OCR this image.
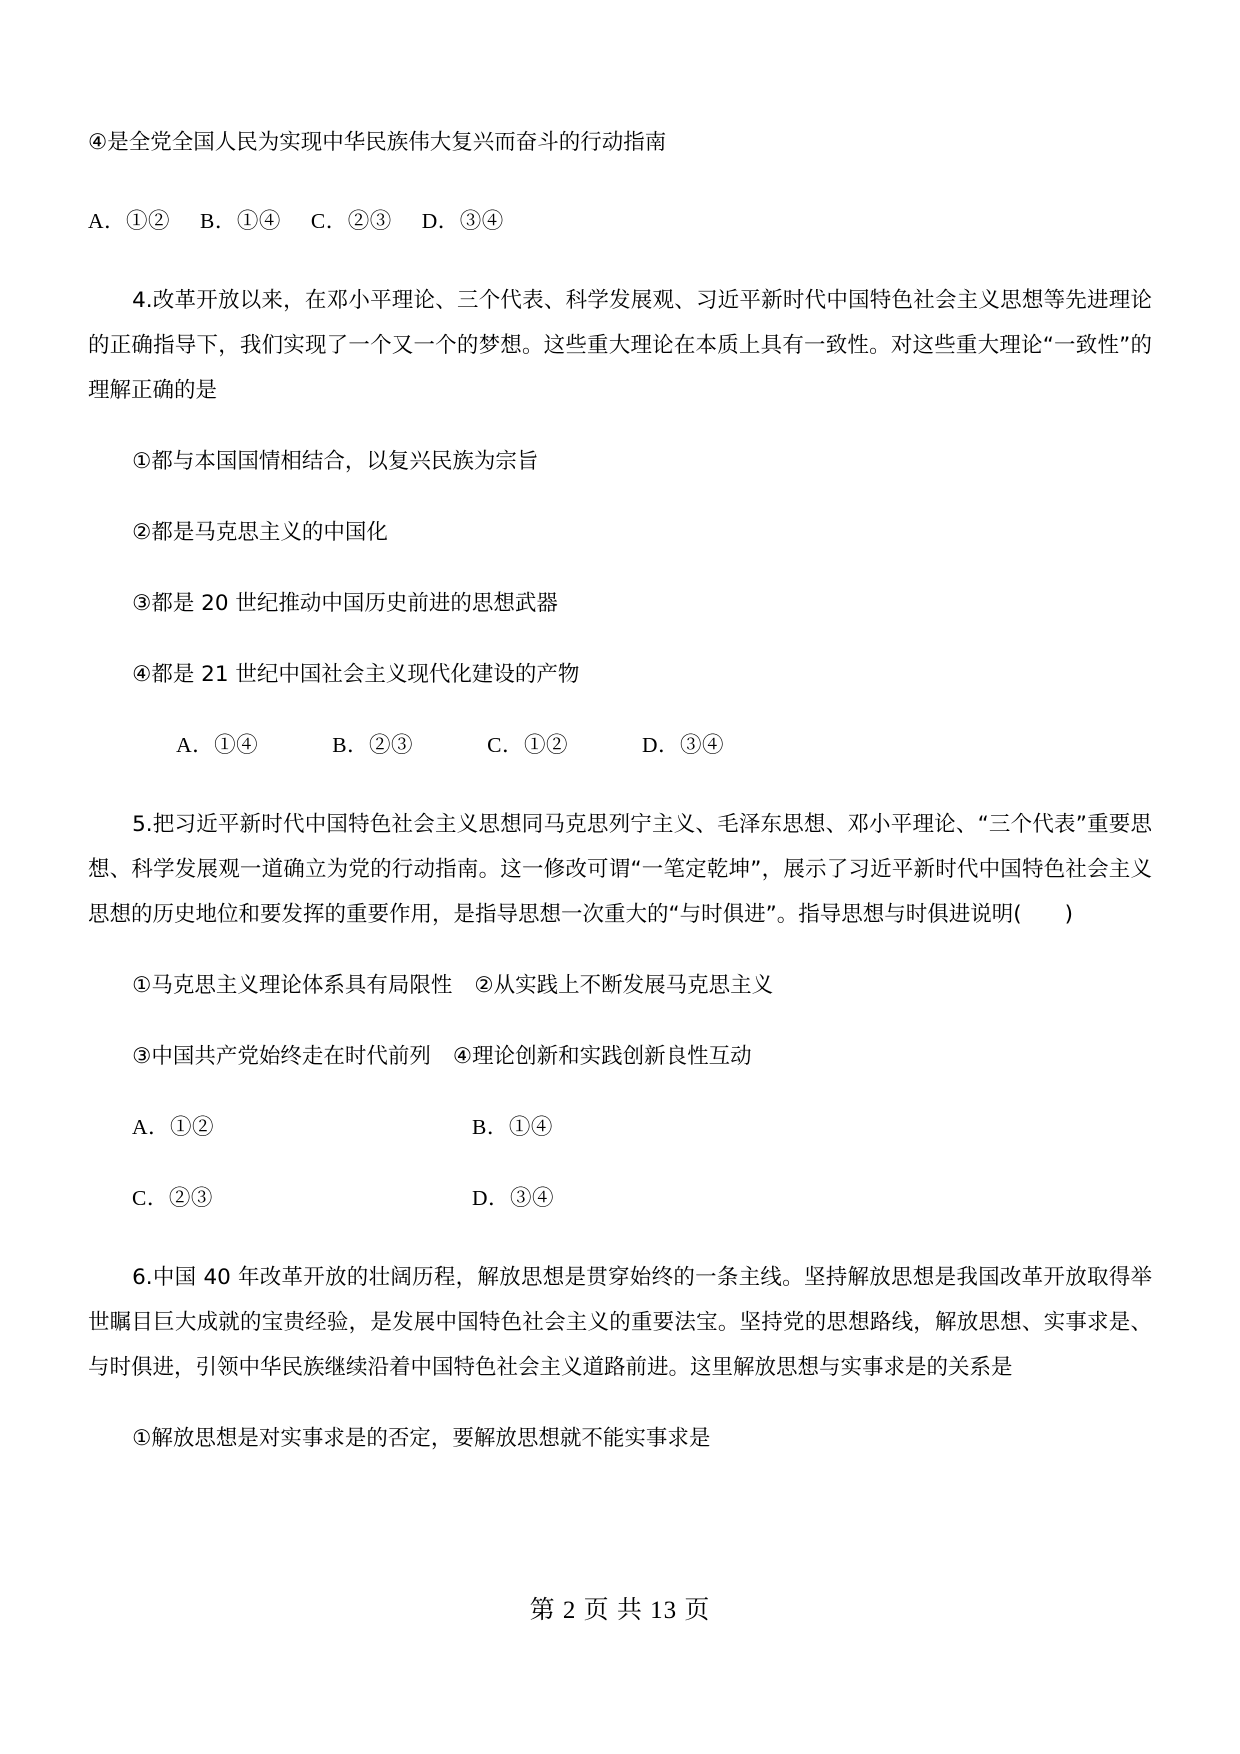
④是全党全国人民为实现中华民族伟大复兴而奋斗的行动指南

A．①② B．①④ C．②③ D．③④

4.改革开放以来，在邓小平理论、三个代表、科学发展观、习近平新时代中国特色社会主义思想等先进理论的正确指导下，我们实现了一个又一个的梦想。这些重大理论在本质上具有一致性。对这些重大理论“一致性”的理解正确的是

①都与本国国情相结合，以复兴民族为宗旨

②都是马克思主义的中国化

③都是 20 世纪推动中国历史前进的思想武器

④都是 21 世纪中国社会主义现代化建设的产物

A．①④	B．②③	C．①②	D．③④

5.把习近平新时代中国特色社会主义思想同马克思列宁主义、毛泽东思想、邓小平理论、“三个代表”重要思想、科学发展观一道确立为党的行动指南。这一修改可谓“一笔定乾坤”，展示了习近平新时代中国特色社会主义思想的历史地位和要发挥的重要作用，是指导思想一次重大的“与时俱进”。指导思想与时俱进说明(　　)

①马克思主义理论体系具有局限性 ②从实践上不断发展马克思主义

③中国共产党始终走在时代前列 ④理论创新和实践创新良性互动

A．①②	B．①④

C．②③	D．③④

6.中国 40 年改革开放的壮阔历程，解放思想是贯穿始终的一条主线。坚持解放思想是我国改革开放取得举世瞩目巨大成就的宝贵经验，是发展中国特色社会主义的重要法宝。坚持党的思想路线，解放思想、实事求是、与时俱进，引领中华民族继续沿着中国特色社会主义道路前进。这里解放思想与实事求是的关系是

①解放思想是对实事求是的否定，要解放思想就不能实事求是

第 2 页 共 13 页
